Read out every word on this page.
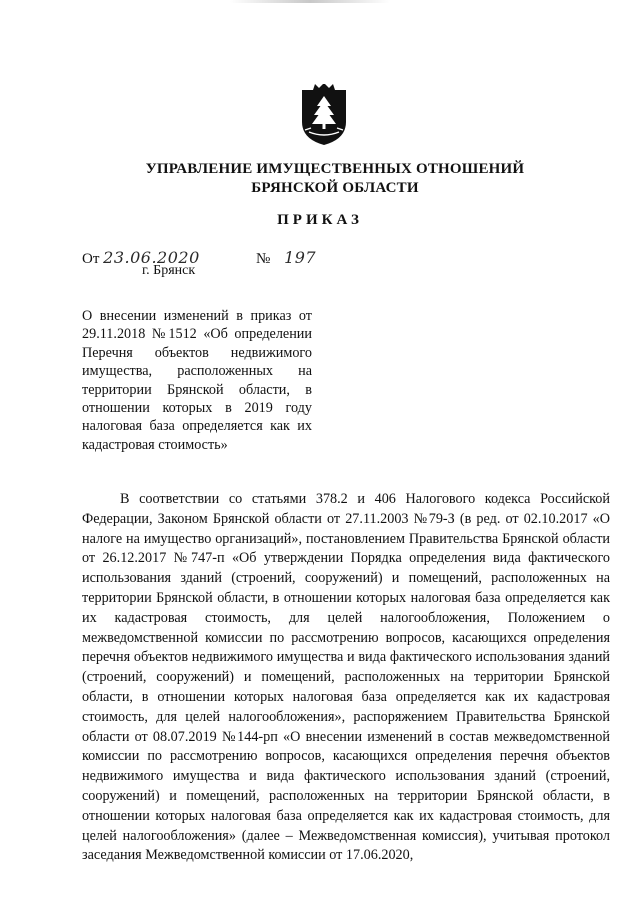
УПРАВЛЕНИЕ ИМУЩЕСТВЕННЫХ ОТНОШЕНИЙ
БРЯНСКОЙ ОБЛАСТИ
ПРИКАЗ
От 23.06.2020	№ 197
г. Брянск
О внесении изменений в приказ от 29.11.2018 №1512 «Об определении Перечня объектов недвижимого имущества, расположенных на территории Брянской области, в отношении которых в 2019 году налоговая база определяется как их кадастровая стоимость»

В соответствии со статьями 378.2 и 406 Налогового кодекса Российской Федерации, Законом Брянской области от 27.11.2003 №79-З (в ред. от 02.10.2017 «О налоге на имущество организаций», постановлением Правительства Брянской области от 26.12.2017 №747-п «Об утверждении Порядка определения вида фактического использования зданий (строений, сооружений) и помещений, расположенных на территории Брянской области, в отношении которых налоговая база определяется как их кадастровая стоимость, для целей налогообложения, Положением о межведомственной комиссии по рассмотрению вопросов, касающихся определения перечня объектов недвижимого имущества и вида фактического использования зданий (строений, сооружений) и помещений, расположенных на территории Брянской области, в отношении которых налоговая база определяется как их кадастровая стоимость, для целей налогообложения», распоряжением Правительства Брянской области от 08.07.2019 №144-рп «О внесении изменений в состав межведомственной комиссии по рассмотрению вопросов, касающихся определения перечня объектов недвижимого имущества и вида фактического использования зданий (строений, сооружений) и помещений, расположенных на территории Брянской области, в отношении которых налоговая база определяется как их кадастровая стоимость, для целей налогообложения» (далее – Межведомственная комиссия), учитывая протокол заседания Межведомственной комиссии от 17.06.2020,
